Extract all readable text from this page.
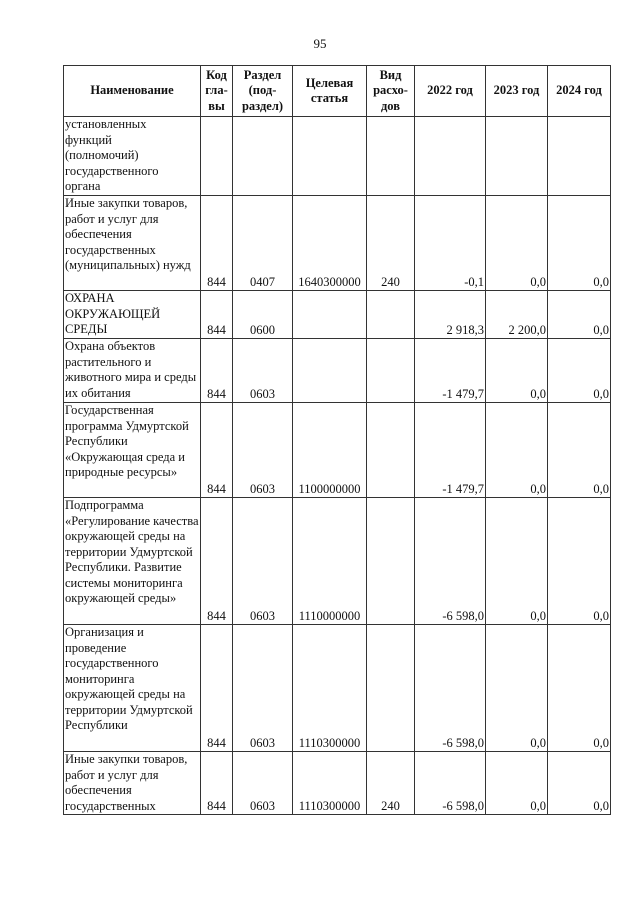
95
Наименование	Код гла-вы	Раздел (под-раздел)	Целевая статья	Вид расхо-дов	2022 год	2023 год	2024 год

установленных функций (полномочий) государственного органа							

Иные закупки товаров, работ и услуг для обеспечения государственных (муниципальных) нужд	844	0407	1640300000	240	-0,1	0,0	0,0

ОХРАНА ОКРУЖАЮЩЕЙ СРЕДЫ	844	0600			2 918,3	2 200,0	0,0

Охрана объектов растительного и животного мира и среды их обитания	844	0603			-1 479,7	0,0	0,0

Государственная программа Удмуртской Республики «Окружающая среда и природные ресурсы»	844	0603	1100000000		-1 479,7	0,0	0,0

Подпрограмма «Регулирование качества окружающей среды на территории Удмуртской Республики. Развитие системы мониторинга окружающей среды»	844	0603	1110000000		-6 598,0	0,0	0,0

Организация и проведение государственного мониторинга окружающей среды на территории Удмуртской Республики	844	0603	1110300000		-6 598,0	0,0	0,0

Иные закупки товаров, работ и услуг для обеспечения государственных	844	0603	1110300000	240	-6 598,0	0,0	0,0
